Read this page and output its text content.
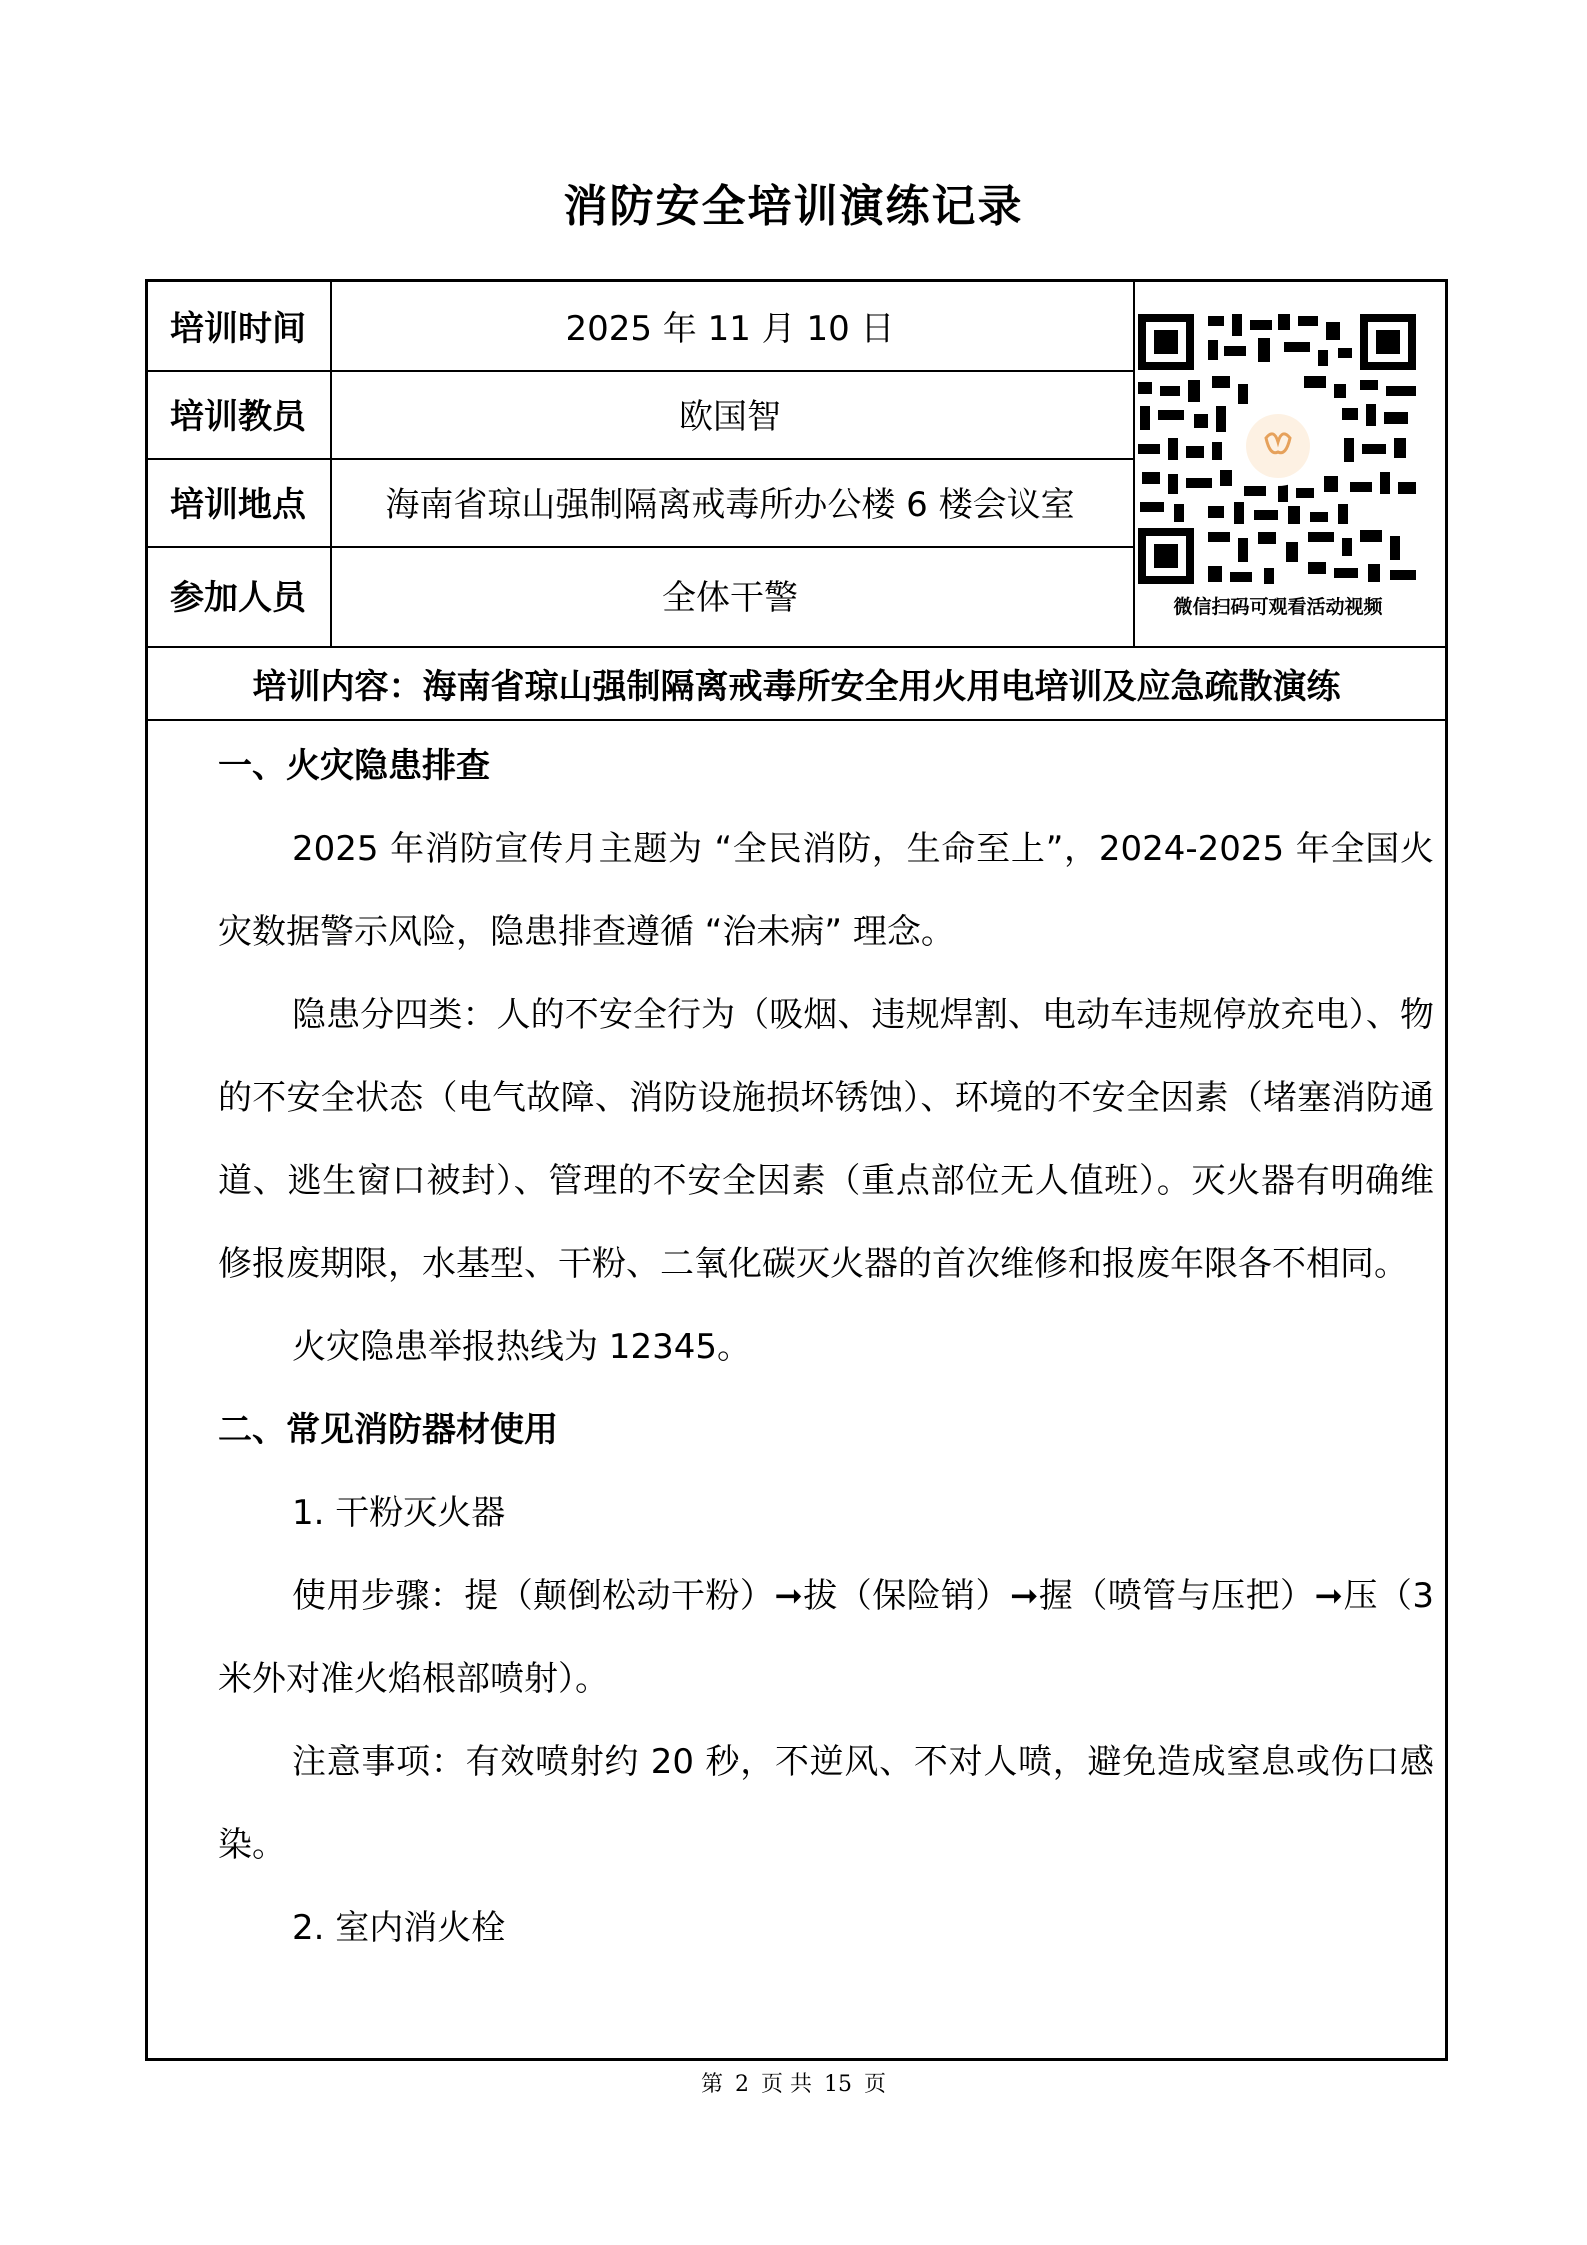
消防安全培训演练记录
培训时间	2025 年 11 月 10 日
培训教员	欧国智
培训地点	海南省琼山强制隔离戒毒所办公楼 6 楼会议室
参加人员	全体干警	微信扫码可观看活动视频
培训内容：海南省琼山强制隔离戒毒所安全用火用电培训及应急疏散演练
一、火灾隐患排查

2025 年消防宣传月主题为 “全民消防，生命至上”，2024-2025 年全国火灾数据警示风险，隐患排查遵循 “治未病” 理念。

隐患分四类：人的不安全行为（吸烟、违规焊割、电动车违规停放充电）、物的不安全状态（电气故障、消防设施损坏锈蚀）、环境的不安全因素（堵塞消防通道、逃生窗口被封）、管理的不安全因素（重点部位无人值班）。灭火器有明确维修报废期限，水基型、干粉、二氧化碳灭火器的首次维修和报废年限各不相同。

火灾隐患举报热线为 12345。

二、常见消防器材使用

1. 干粉灭火器

使用步骤：提（颠倒松动干粉）➞拔（保险销）➞握（喷管与压把）➞压（3 米外对准火焰根部喷射）。

注意事项：有效喷射约 20 秒，不逆风、不对人喷，避免造成窒息或伤口感染。

2. 室内消火栓

第 2 页 共 15 页
